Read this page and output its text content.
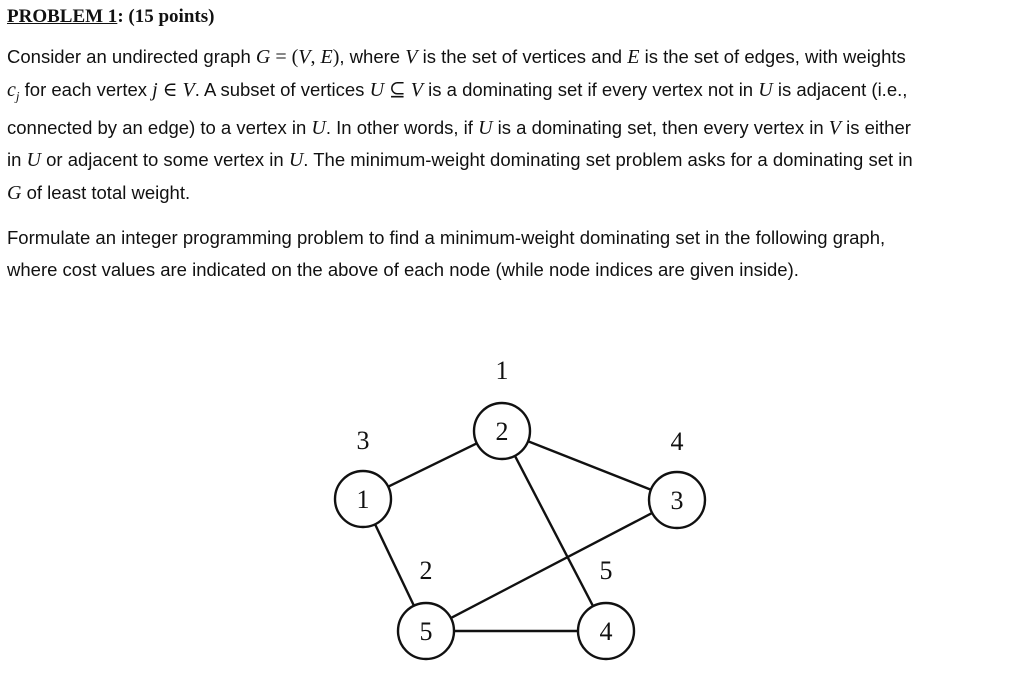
PROBLEM 1: (15 points)
Consider an undirected graph G = (V, E), where V is the set of vertices and E is the set of edges, with weights
$c_j$ for each vertex j ∈ V. A subset of vertices U ⊆ V is a dominating set if every vertex not in U is adjacent (i.e.,
connected by an edge) to a vertex in U. In other words, if U is a dominating set, then every vertex in V is either
in U or adjacent to some vertex in U. The minimum-weight dominating set problem asks for a dominating set in
G of least total weight.
Formulate an integer programming problem to find a minimum-weight dominating set in the following graph,
where cost values are indicated on the above of each node (while node indices are given inside).
1
3	2
1
3
4
4
5
5
2
